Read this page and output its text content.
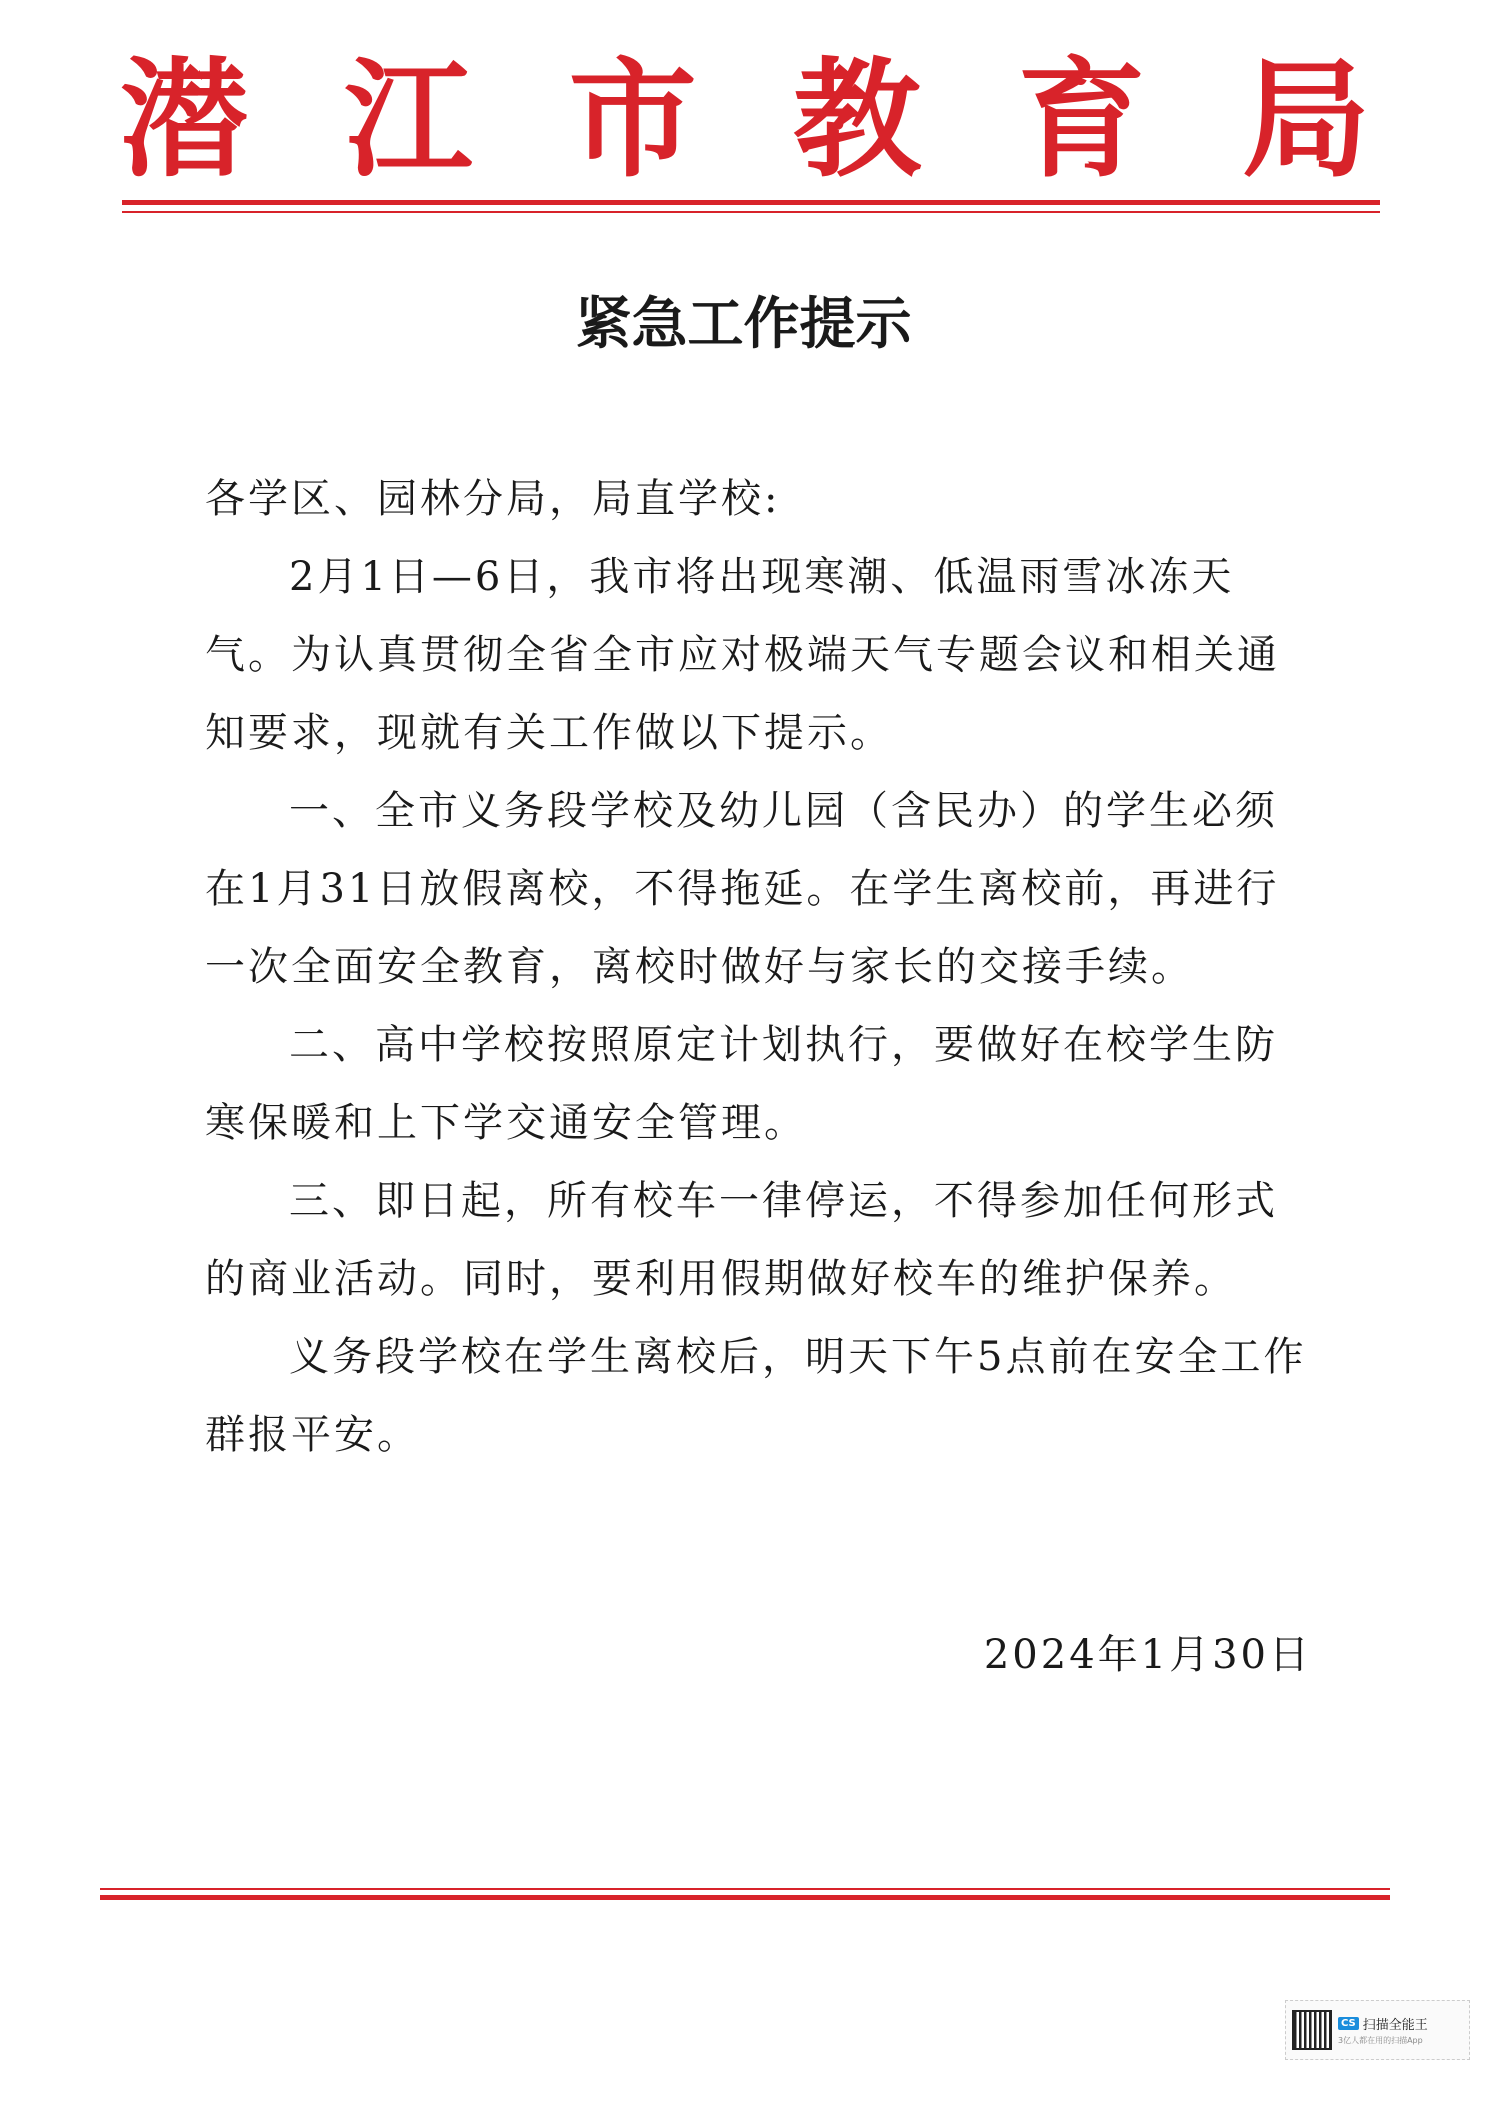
潜 江 市 教 育 局
紧急工作提示

各学区、园林分局，局直学校:

2月1日—6日，我市将出现寒潮、低温雨雪冰冻天气。为认真贯彻全省全市应对极端天气专题会议和相关通知要求，现就有关工作做以下提示。

一、全市义务段学校及幼儿园（含民办）的学生必须在1月31日放假离校，不得拖延。在学生离校前，再进行一次全面安全教育，离校时做好与家长的交接手续。

二、高中学校按照原定计划执行，要做好在校学生防寒保暖和上下学交通安全管理。

三、即日起，所有校车一律停运，不得参加任何形式的商业活动。同时，要利用假期做好校车的维护保养。

义务段学校在学生离校后，明天下午5点前在安全工作群报平安。

2024年1月30日
CS 扫描全能王
3亿人都在用的扫描App
